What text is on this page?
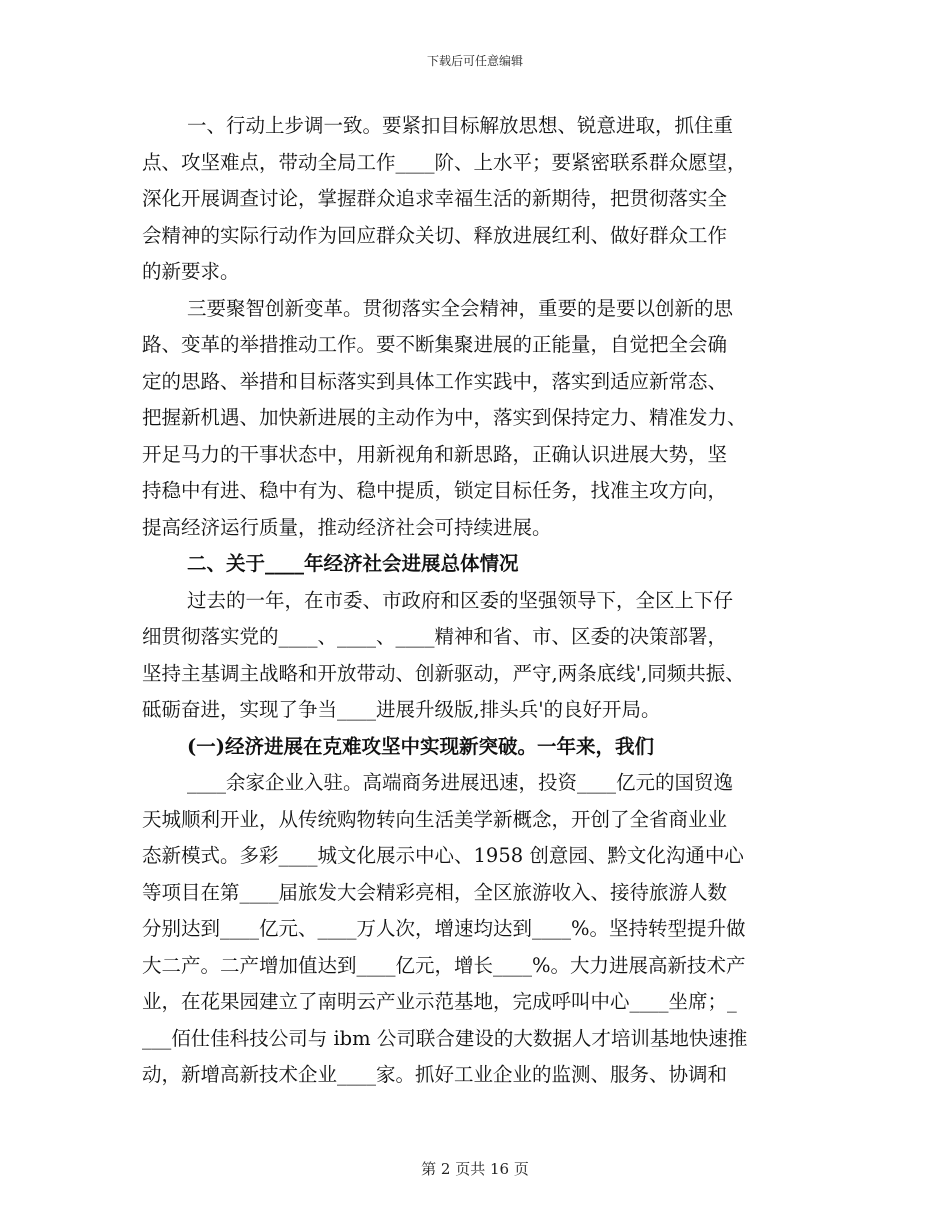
下载后可任意编辑
一、行动上步调一致。要紧扣目标解放思想、锐意进取，抓住重
点、攻坚难点，带动全局工作____阶、上水平；要紧密联系群众愿望，
深化开展调查讨论，掌握群众追求幸福生活的新期待，把贯彻落实全
会精神的实际行动作为回应群众关切、释放进展红利、做好群众工作
的新要求。
三要聚智创新变革。贯彻落实全会精神，重要的是要以创新的思
路、变革的举措推动工作。要不断集聚进展的正能量，自觉把全会确
定的思路、举措和目标落实到具体工作实践中，落实到适应新常态、
把握新机遇、加快新进展的主动作为中，落实到保持定力、精准发力、
开足马力的干事状态中，用新视角和新思路，正确认识进展大势，坚
持稳中有进、稳中有为、稳中提质，锁定目标任务，找准主攻方向，
提高经济运行质量，推动经济社会可持续进展。
二、关于____年经济社会进展总体情况
过去的一年，在市委、市政府和区委的坚强领导下，全区上下仔
细贯彻落实党的____、____、____精神和省、市、区委的决策部署，
坚持主基调主战略和开放带动、创新驱动，严守,两条底线',同频共振、
砥砺奋进，实现了争当____进展升级版,排头兵'的良好开局。
(一)经济进展在克难攻坚中实现新突破。一年来，我们
____余家企业入驻。高端商务进展迅速，投资____亿元的国贸逸
天城顺利开业，从传统购物转向生活美学新概念，开创了全省商业业
态新模式。多彩____城文化展示中心、1958 创意园、黔文化沟通中心
等项目在第____届旅发大会精彩亮相，全区旅游收入、接待旅游人数
分别达到____亿元、____万人次，增速均达到____%。坚持转型提升做
大二产。二产增加值达到____亿元，增长____%。大力进展高新技术产
业，在花果园建立了南明云产业示范基地，完成呼叫中心____坐席；_
___佰仕佳科技公司与 ibm 公司联合建设的大数据人才培训基地快速推
动，新增高新技术企业____家。抓好工业企业的监测、服务、协调和
第 2 页共 16 页
